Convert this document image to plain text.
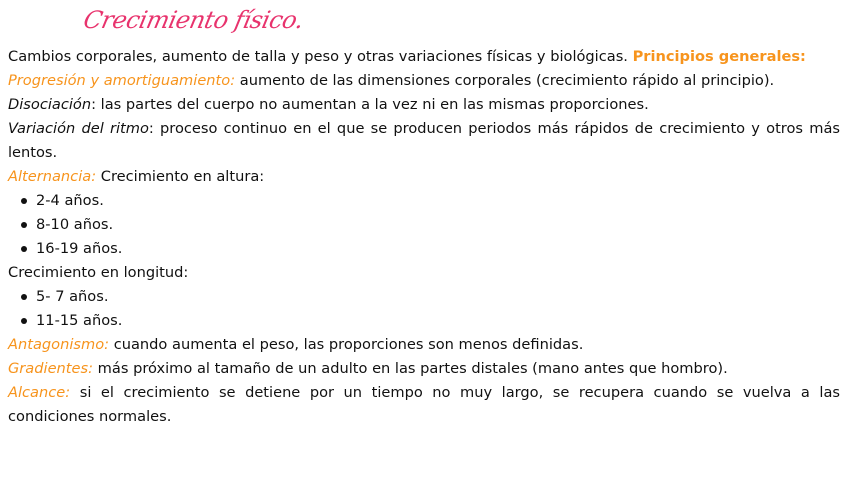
Crecimiento físico.

Cambios corporales, aumento de talla y peso y otras variaciones físicas y biológicas. Principios generales:

Progresión y amortiguamiento: aumento de las dimensiones corporales (crecimiento rápido al principio).

Disociación: las partes del cuerpo no aumentan a la vez ni en las mismas proporciones.

Variación del ritmo: proceso continuo en el que se producen periodos más rápidos de crecimiento y otros más lentos.

Alternancia: Crecimiento en altura:

2-4 años.
8-10 años.
16-19 años.

Crecimiento en longitud:

5- 7 años.
11-15 años.

Antagonismo: cuando aumenta el peso, las proporciones son menos definidas.

Gradientes: más próximo al tamaño de un adulto en las partes distales (mano antes que hombro).

Alcance: si el crecimiento se detiene por un tiempo no muy largo, se recupera cuando se vuelva a las condiciones normales.
